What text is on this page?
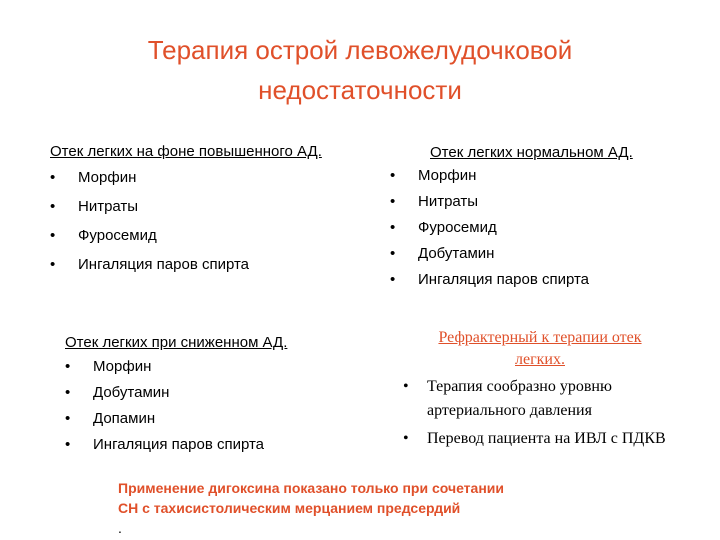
Терапия острой левожелудочковой
недостаточности
Отек легких на фоне повышенного АД.
• Морфин
• Нитраты
• Фуросемид
• Ингаляция паров спирта
Отек легких нормальном АД.
• Морфин
• Нитраты
• Фуросемид
• Добутамин
• Ингаляция паров спирта
Отек легких при сниженном АД.
• Морфин
• Добутамин
• Допамин
• Ингаляция паров спирта
Рефрактерный к терапии отек
легких.
• Терапия сообразно уровню артериального давления
• Перевод пациента на ИВЛ с ПДКВ
Применение дигоксина показано только при сочетании
СН с тахисистолическим мерцанием предсердий
.
